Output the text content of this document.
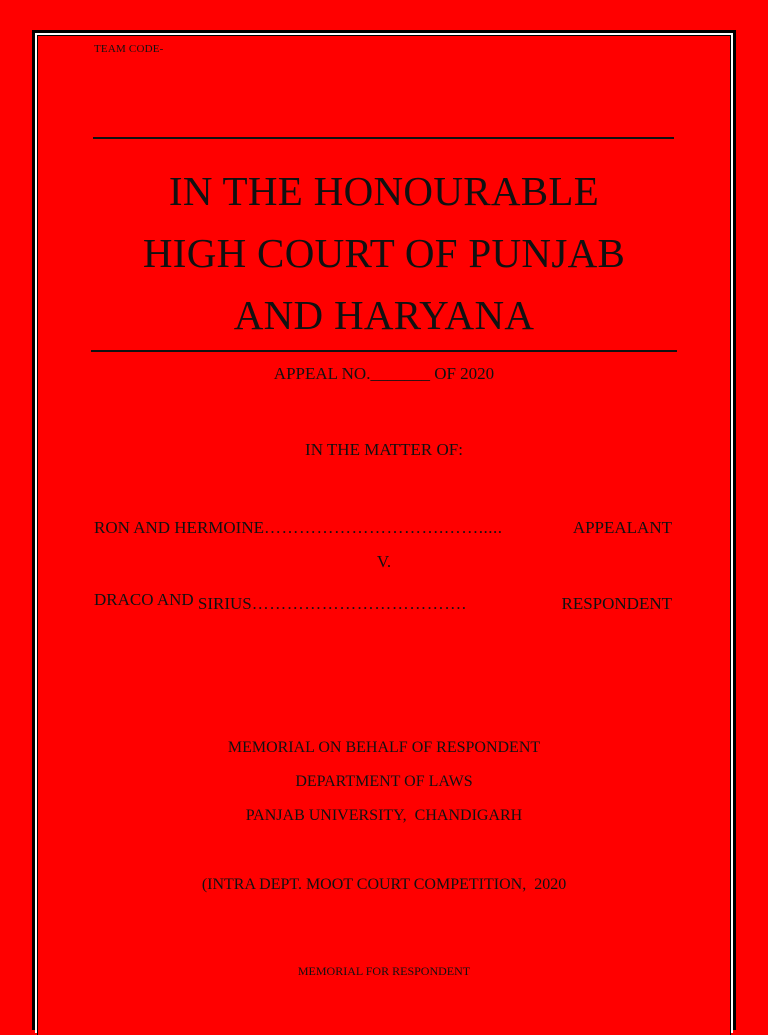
TEAM CODE-
IN THE HONOURABLE
HIGH COURT OF PUNJAB
AND HARYANA
APPEAL NO._______ OF 2020
IN THE MATTER OF:
RON AND HERMOINE ………………………….…….....	APPEALANT
V.
DRACO AND SIRIUS ……………………………….	RESPONDENT
MEMORIAL ON BEHALF OF RESPONDENT
DEPARTMENT OF LAWS
PANJAB UNIVERSITY,  CHANDIGARH
(INTRA DEPT. MOOT COURT COMPETITION,  2020
MEMORIAL FOR RESPONDENT
